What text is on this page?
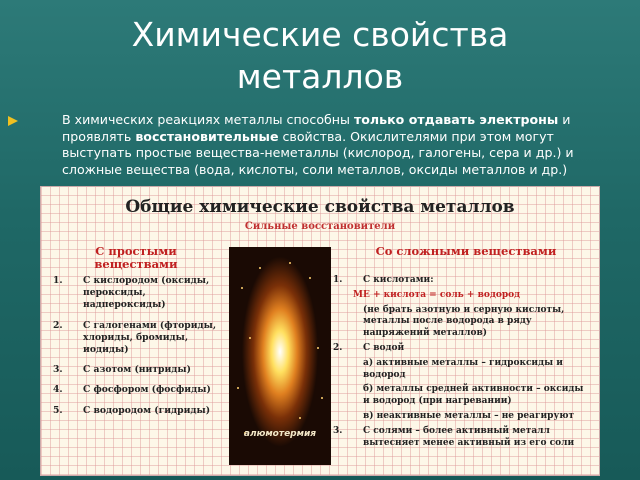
Химические свойства
металлов
В химических реакциях металлы способны только отдавать электроны и проявлять восстановительные свойства. Окислителями при этом могут выступать простые вещества-неметаллы (кислород, галогены, сера и др.) и сложные вещества (вода, кислоты, соли металлов, оксиды металлов и др.)
Общие химические свойства металлов
Сильные восстановители
С простыми веществами
Со сложными веществами
1. С кислородом (оксиды, пероксиды, надпероксиды)
2. С галогенами (фториды, хлориды, бромиды, иодиды)
3. С азотом (нитриды)
4. С фосфором (фосфиды)
5. С водородом (гидриды)
алюмотермия
1. С кислотами:
МЕ + кислота = соль + водород
(не брать азотную и серную кислоты, металлы после водорода в ряду напряжений металлов)
2. С водой
а) активные металлы – гидроксиды и водород
б) металлы средней активности – оксиды и водород (при нагревании)
в) неактивные металлы – не реагируют
3. С солями – более активный металл вытесняет менее активный из его соли
